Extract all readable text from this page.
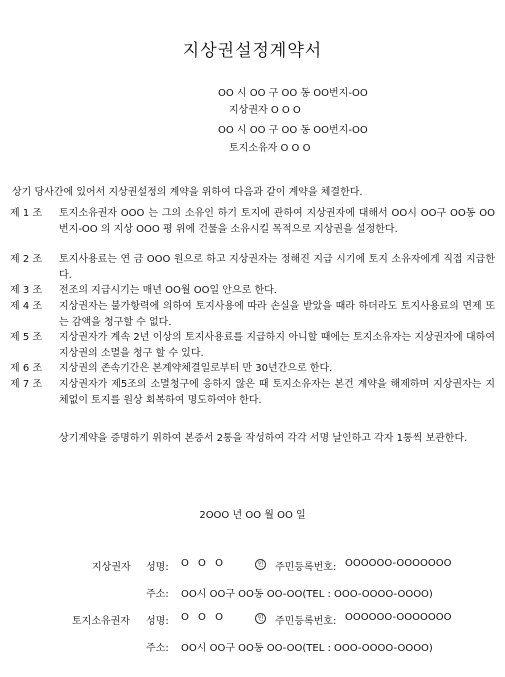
지상권설정계약서
OO 시 OO 구 OO 동 OO번지-OO
지상권자 O O O
OO 시 OO 구 OO 동 OO번지-OO
토지소유자 O O O
상기 당사간에 있어서 지상권설정의 계약을 위하여 다음과 같이 계약을 체결한다.
제 1 조	토지소유권자 OOO 는 그의 소유인 하기 토지에 관하여 지상권자에 대해서 OO시 OO구 OO동 OO번지-OO 의 지상 OOO 평 위에 건물을 소유시킬 목적으로 지상권을 설정한다.
제 2 조	토지사용료는 연 금 OOO 원으로 하고 지상권자는 정해진 지급 시기에 토지 소유자에게 직접 지급한다.
제 3 조	전조의 지급시기는 매년 OO월 OO일 안으로 한다.
제 4 조	지상권자는 불가항력에 의하여 토지사용에 따라 손실을 받았을 때라 하더라도 토지사용료의 면제 또는 감액을 청구할 수 없다.
제 5 조	지상권자가 계속 2년 이상의 토지사용료를 지급하지 아니할 때에는 토지소유자는 지상권자에 대하여 지상권의 소멸을 청구 할 수 있다.
제 6 조	지상권의 존속기간은 본계약체결일로부터 만 30년간으로 한다.
제 7 조	지상권자가 제5조의 소멸청구에 응하지 않은 때 토지소유자는 본건 계약을 해제하며 지상권자는 지체없이 토지를 원상 회복하여 명도하여야 한다.
상기계약을 증명하기 위하여 본증서 2통을 작성하여 각각 서명 날인하고 각자 1통씩 보관한다.
2OOO 년 OO 월 OO 일
지상권자 성명: O O O	인 주민등록번호: OOOOOO-OOOOOOO
주소: OO시 OO구 OO동 OO-OO(TEL : OOO-OOOO-OOOO)
토지소유권자 성명: O O O	인 주민등록번호: OOOOOO-OOOOOOO
주소: OO시 OO구 OO동 OO-OO(TEL : OOO-OOOO-OOOO)
